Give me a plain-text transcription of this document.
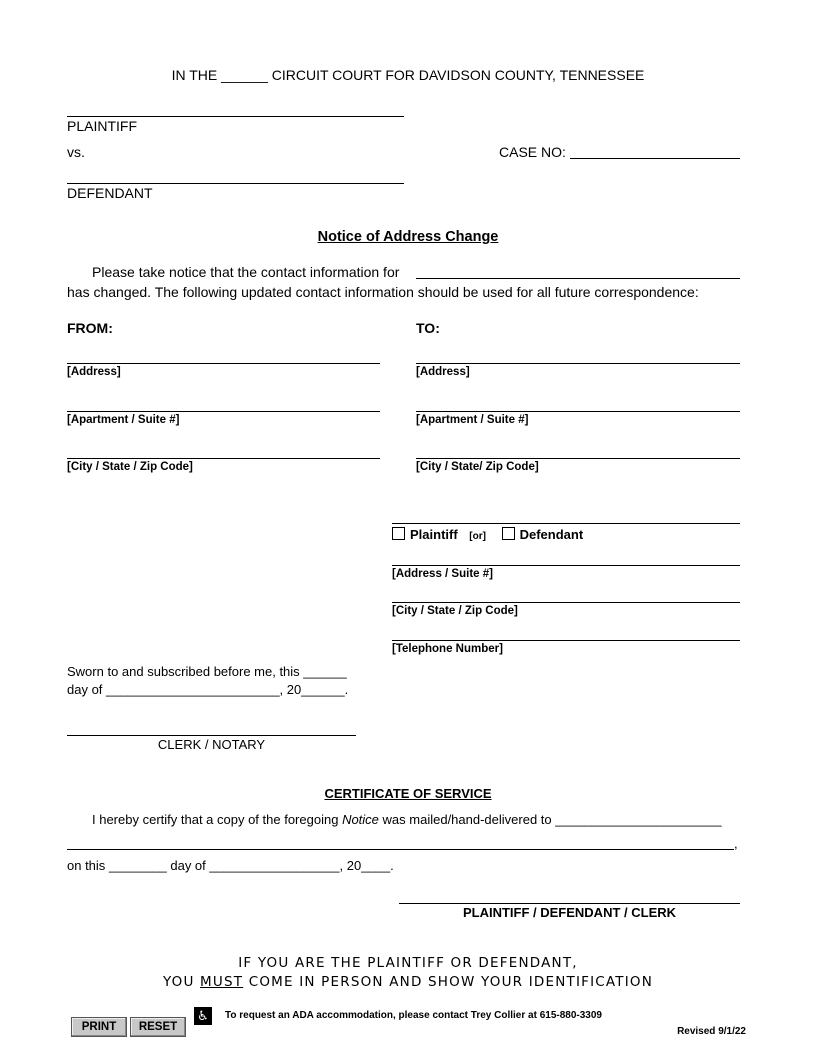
IN THE ______ CIRCUIT COURT FOR DAVIDSON COUNTY, TENNESSEE
PLAINTIFF
vs.	CASE NO:
DEFENDANT
Notice of Address Change
Please take notice that the contact information for
has changed. The following updated contact information should be used for all future correspondence:
FROM:
[Address]
[Apartment / Suite #]
[City / State / Zip Code]
TO:
[Address]
[Apartment / Suite #]
[City / State/ Zip Code]
Plaintiff [or]	Defendant
[Address / Suite #]
[City / State / Zip Code]
[Telephone Number]
Sworn to and subscribed before me, this ______
day of ________________________, 20______.
CLERK / NOTARY
CERTIFICATE OF SERVICE
I hereby certify that a copy of the foregoing Notice was mailed/hand-delivered to _______________________
,
on this ________ day of __________________, 20____.
PLAINTIFF / DEFENDANT / CLERK
IF YOU ARE THE PLAINTIFF OR DEFENDANT,
YOU MUST COME IN PERSON AND SHOW YOUR IDENTIFICATION
PRINT	RESET
♿	To request an ADA accommodation, please contact Trey Collier at 615-880-3309
Revised 9/1/22
